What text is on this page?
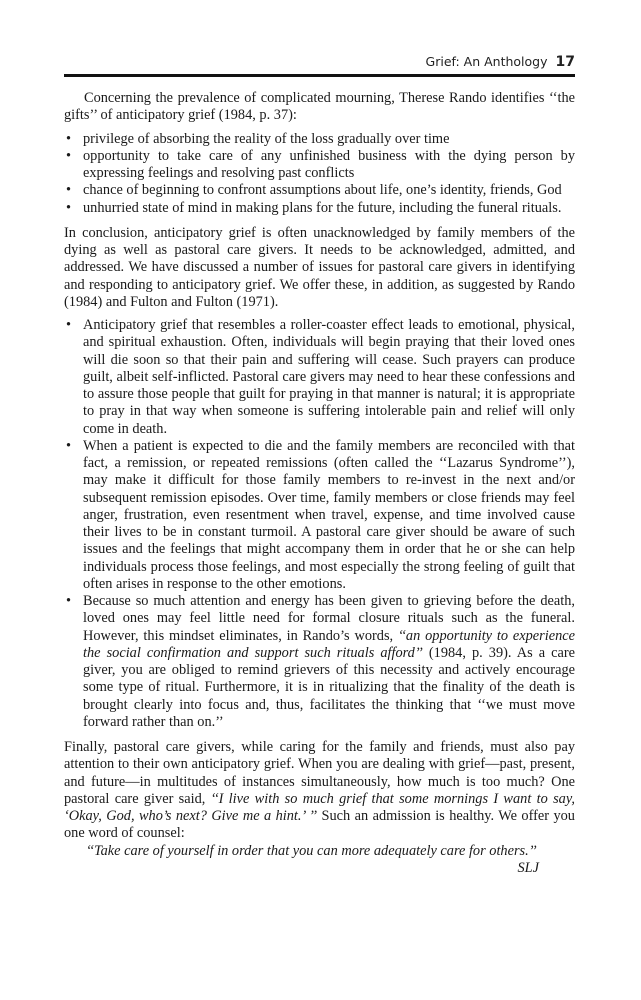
Grief: An Anthology 17

Concerning the prevalence of complicated mourning, Therese Rando identifies ‘‘the gifts’’ of anticipatory grief (1984, p. 37):

• privilege of absorbing the reality of the loss gradually over time
• opportunity to take care of any unfinished business with the dying person by expressing feelings and resolving past conflicts
• chance of beginning to confront assumptions about life, one’s identity, friends, God
• unhurried state of mind in making plans for the future, including the funeral rituals.

In conclusion, anticipatory grief is often unacknowledged by family members of the dying as well as pastoral care givers. It needs to be acknowledged, admitted, and addressed. We have discussed a number of issues for pastoral care givers in identifying and responding to anticipatory grief. We offer these, in addition, as suggested by Rando (1984) and Fulton and Fulton (1971).

• Anticipatory grief that resembles a roller-coaster effect leads to emotional, physical, and spiritual exhaustion. Often, individuals will begin praying that their loved ones will die soon so that their pain and suffering will cease. Such prayers can produce guilt, albeit self-inflicted. Pastoral care givers may need to hear these confessions and to assure those people that guilt for praying in that manner is natural; it is appropriate to pray in that way when someone is suffering intolerable pain and relief will only come in death.
• When a patient is expected to die and the family members are reconciled with that fact, a remission, or repeated remissions (often called the ‘‘Lazarus Syndrome’’), may make it difficult for those family members to re-invest in the next and/or subsequent remission episodes. Over time, family members or close friends may feel anger, frustration, even resentment when travel, expense, and time involved cause their lives to be in constant turmoil. A pastoral care giver should be aware of such issues and the feelings that might accompany them in order that he or she can help individuals process those feelings, and most especially the strong feeling of guilt that often arises in response to the other emotions.
• Because so much attention and energy has been given to grieving before the death, loved ones may feel little need for formal closure rituals such as the funeral. However, this mindset eliminates, in Rando’s words, ‘‘an opportunity to experience the social confirmation and support such rituals afford’’ (1984, p. 39). As a care giver, you are obliged to remind grievers of this necessity and actively encourage some type of ritual. Furthermore, it is in ritualizing that the finality of the death is brought clearly into focus and, thus, facilitates the thinking that ‘‘we must move forward rather than on.’’

Finally, pastoral care givers, while caring for the family and friends, must also pay attention to their own anticipatory grief. When you are dealing with grief—past, present, and future—in multitudes of instances simultaneously, how much is too much? One pastoral care giver said, ‘‘I live with so much grief that some mornings I want to say, ‘Okay, God, who’s next? Give me a hint.’ ’’ Such an admission is healthy. We offer you one word of counsel:

‘‘Take care of yourself in order that you can more adequately care for others.’’

SLJ
